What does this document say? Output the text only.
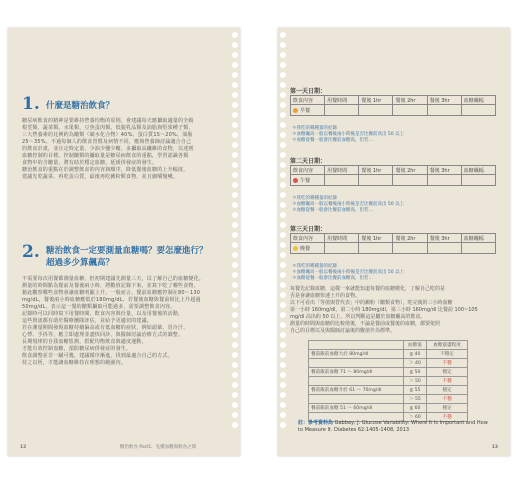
1. 什麼是糖治飲食？
糖尿病飲食的精神是要維持營養均衡的原則，會建議每天應攝取適量的全穀
根莖類、蔬菜類、水果類、豆魚蛋肉類、低脂乳品類及油脂與堅果種子類，
三大營養素的比例約為醣類（碳水化合物）40%、蛋白質15～20%、油脂
25～35%。不過每個人的飲食習慣及病情不同，應與營養師討論適合自己
的飲食計畫，並且定時定量、少油少鹽少糖、多攝取高纖維的食物，以達到
血糖控制的目標。控制醣類的攝取量是糖尿病飲食的重點，學習認識各類
食物中的含醣量，將有助於穩定血糖，延緩併發症的發生。
糖治飲食的重點在於調整飲食的內容與順序，降低餐後血糖的上升幅度，
建議先吃蔬菜、再吃蛋白質，最後再吃澱粉類食物，並且細嚼慢嚥。
2. 糖治飲食一定要測量血糖嗎？要怎麼進行？
超過多少算飆高？
不需要每次用餐都測量血糖，但初期建議先測量三天，以了解自己的血糖變化。
測量的時間點為餐前及餐後兩小時，將數值記錄下來，並寫下吃了哪些食物，
藉此觀察哪些食物會讓血糖明顯上升。一般而言，餐前血糖應控制在80～130
mg/dL，餐後兩小時血糖應低於180mg/dL，若餐後血糖與餐前相比上升超過
50mg/dL，表示這一餐的醣類攝取可能過多，需要調整飲食內容。
記錄時可以同時寫下用餐時間、飲食內容與份量，以及用餐後的活動，
這些資訊都有助於醫療團隊評估，並給予更適切的建議。
若在測量期間發現血糖持續偏高或有低血糖的症狀，例如頭暈、冒冷汗、
心悸、手抖等，應立即處理並盡快回診，與醫師討論治療方式的調整。
長期規律的自我血糖監測，搭配均衡飲食與適度運動，
才能有效控制血糖，預防糖尿病併發症的發生。
飲食調整並非一蹴可幾，建議循序漸進，找到最適合自己的方式。
持之以恆，才能讓血糖維持在理想的範圍內。
12	糖治飲食 Part1．先懂血糖與飲食之間
第一天日期：
飲食內容	用餐時間	餐後 1hr	餐後 2hr	餐後 3hr	血糖飆幅
早餐					
＊我吃的哪種量的紀錄
＊血糖飆高一般以餐後兩小時後是否比餐前高出 50 以上
＊血糖從餐一般會比餐前血糖高，但若…
第二天日期：
飲食內容	用餐時間	餐後 1hr	餐後 2hr	餐後 3hr	血糖飆幅
午餐					
＊我吃的哪種量的紀錄
＊血糖飆高一般以餐後兩小時後是否比餐前高出 50 以上
＊血糖從餐一般會比餐前血糖高，但若…
第三天日期：
飲食內容	用餐時間	餐後 1hr	餐後 2hr	餐後 3hr	血糖飆幅
晚餐					
＊我吃的哪種量的紀錄
＊血糖飆高一般以餐後兩小時後是否比餐前高出 50 以上
＊血糖從餐一般會比餐前血糖高，但若…
每餐先記錄血糖，這樣一來就能知道每餐的血糖變化，了解自己吃的是
否是會讓血糖快速上升的食物。
以下可看出「等值與替代表」中的澱粉（醣類食物），吃完後的三小時血糖
第一小時 160mg/dl，第二小時 180mg/dl，第三小時 160mg/dl 比餐前 100~105
mg/dl 高出約 50 以上，所以判斷這是屬於血糖飆高的飲食。
測量的時間與血糖的比較值後，不論是餐前或餐後的血糖，都要依照
自己的目標以及與醫師討論後的數值作為標準。
	血糖值	血糖震盪程度
餐前飯前血糖大於 80mg/dl	≦ 40	不穩定
	＞ 40	不穩
餐前飯前血糖 71 ～ 80mg/dl	≦ 50	穩定
	＞ 50	不穩
餐前飯前血糖介於 61 ～ 70mg/dl	≦ 55	穩定
	＞ 55	不穩
餐前飯前血糖 51 ～ 60mg/dl	≦ 60	穩定
	＞ 60	不穩
註：參考資料為 Gabbay, J. Glucose Variability: Where It Is Important and How to Measure It. Diabetes 62:1405-1408, 2013
13
